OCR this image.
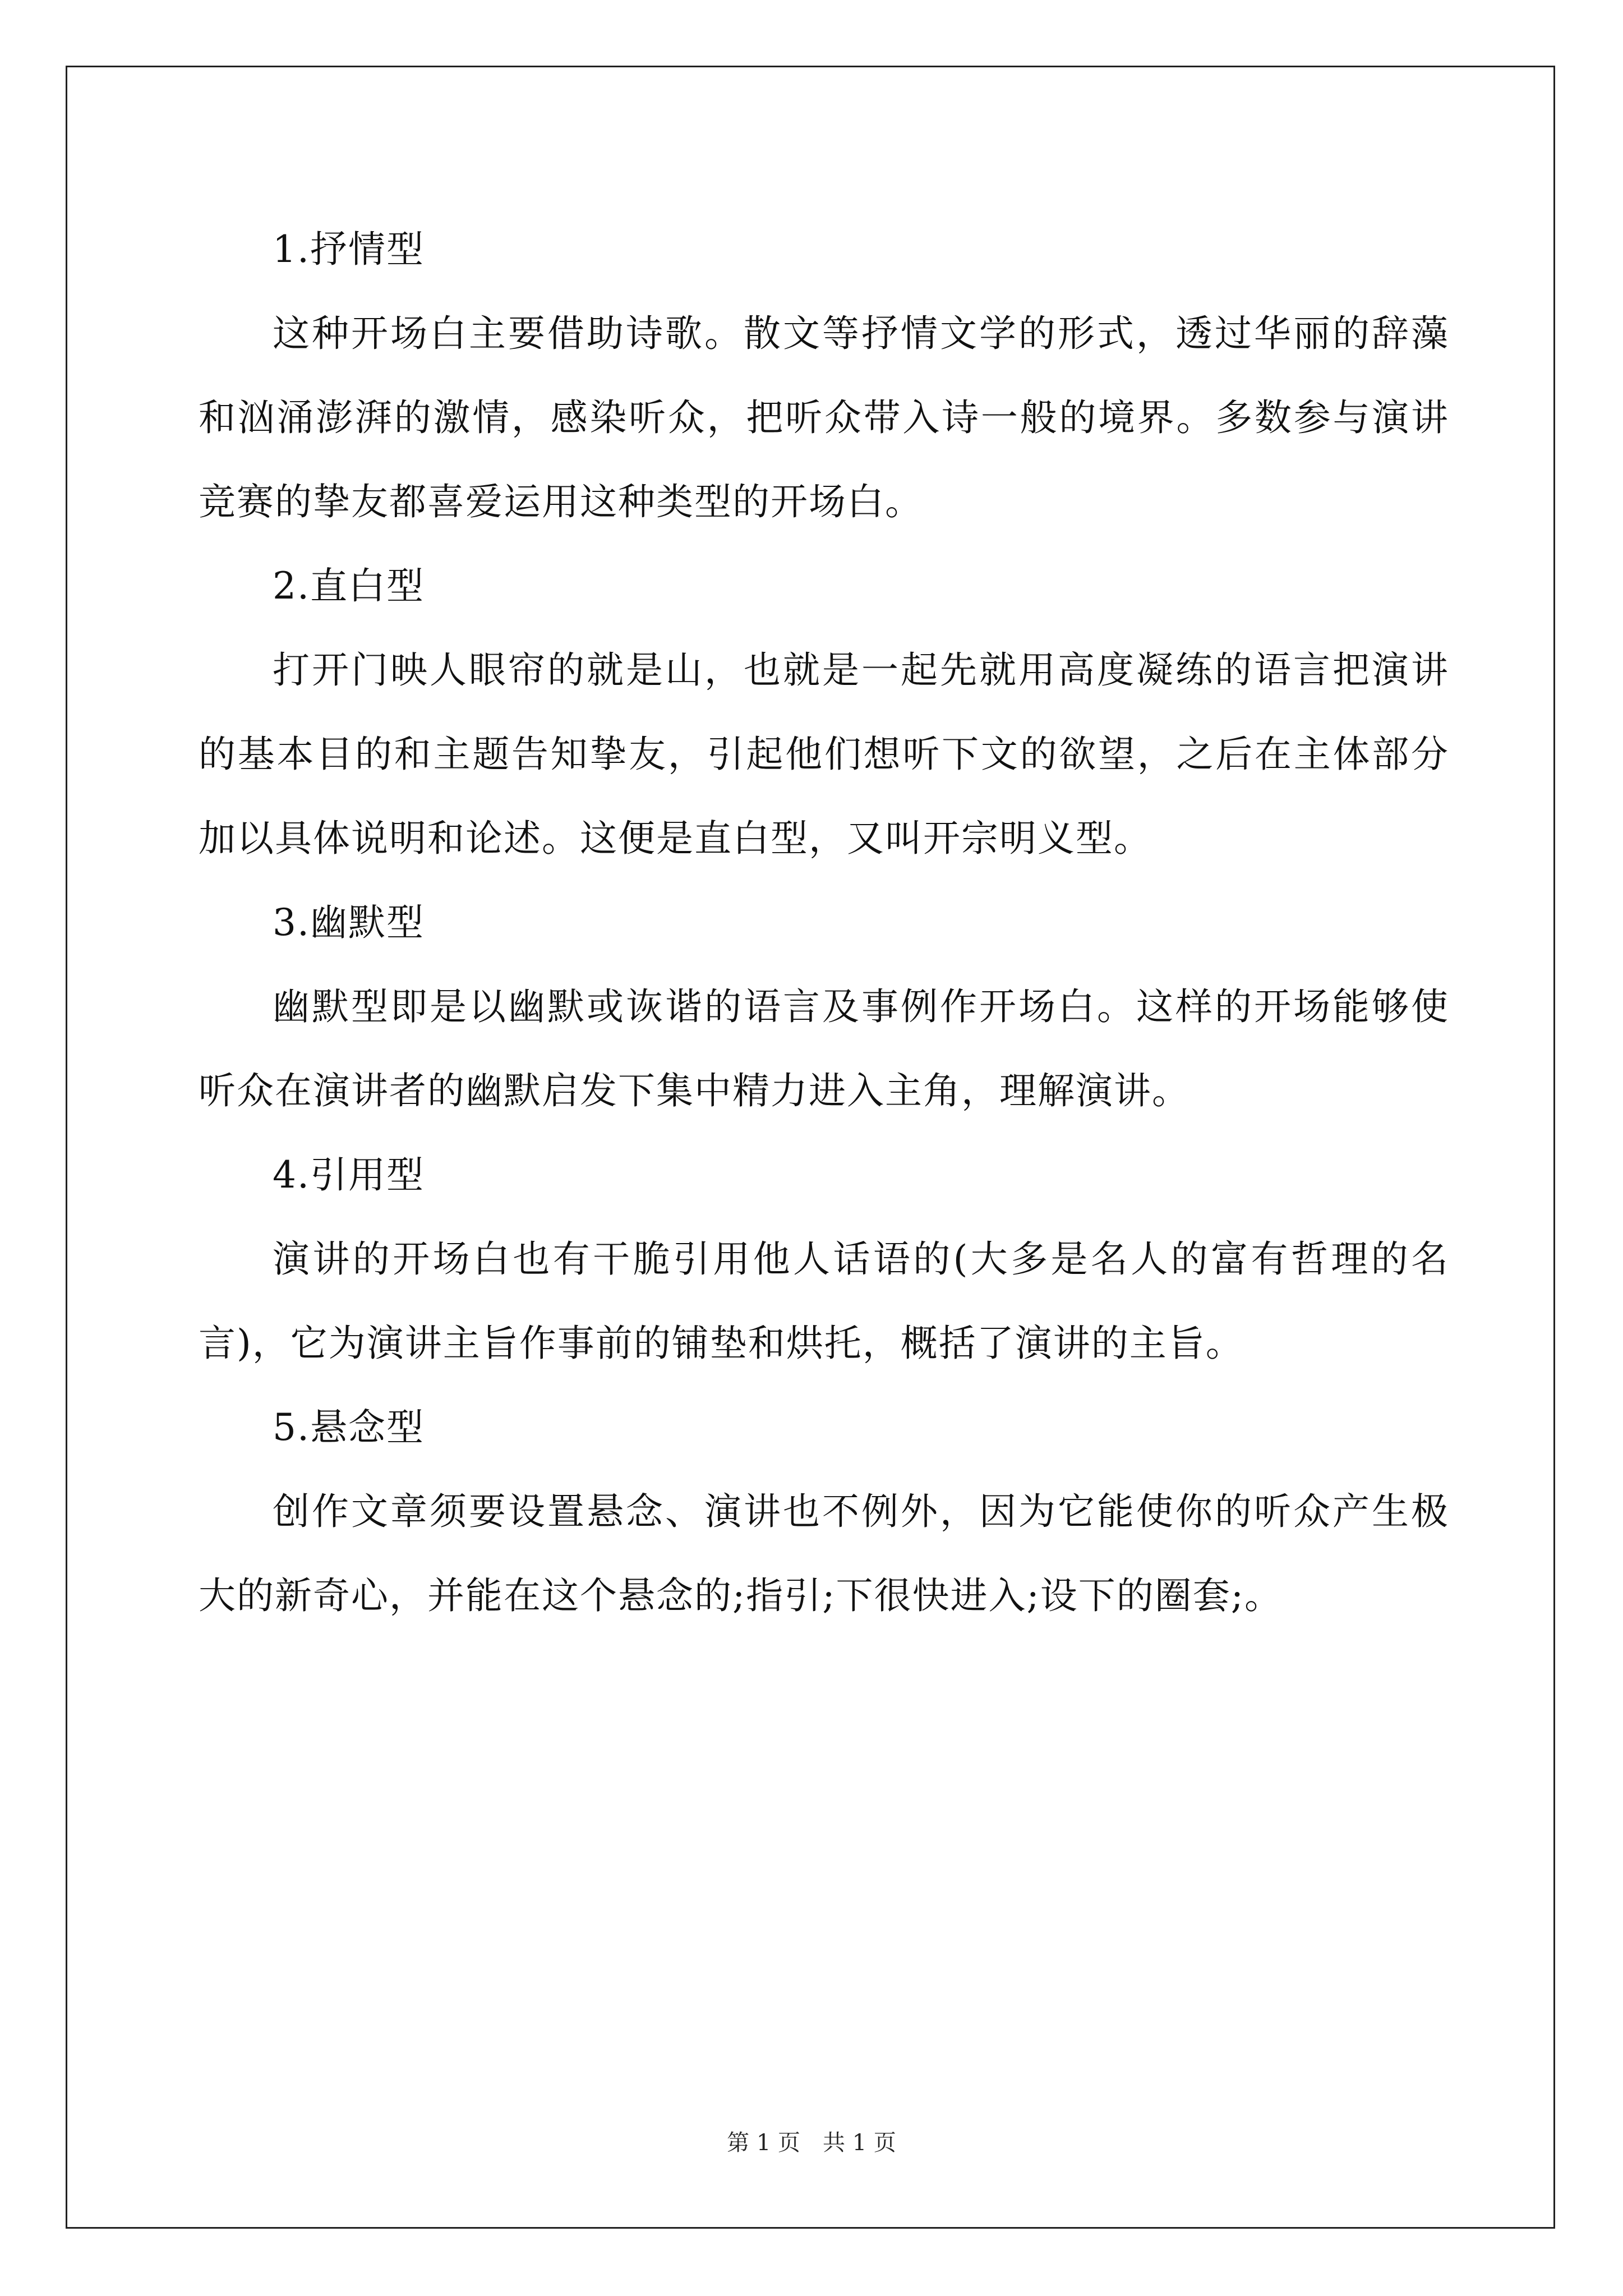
1.抒情型

这种开场白主要借助诗歌。散文等抒情文学的形式，透过华丽的辞藻和汹涌澎湃的激情，感染听众，把听众带入诗一般的境界。多数参与演讲竞赛的挚友都喜爱运用这种类型的开场白。

2.直白型

打开门映人眼帘的就是山，也就是一起先就用高度凝练的语言把演讲的基本目的和主题告知挚友，引起他们想听下文的欲望，之后在主体部分加以具体说明和论述。这便是直白型，又叫开宗明义型。

3.幽默型

幽默型即是以幽默或诙谐的语言及事例作开场白。这样的开场能够使听众在演讲者的幽默启发下集中精力进入主角，理解演讲。

4.引用型

演讲的开场白也有干脆引用他人话语的(大多是名人的富有哲理的名言)，它为演讲主旨作事前的铺垫和烘托，概括了演讲的主旨。

5.悬念型

创作文章须要设置悬念、演讲也不例外，因为它能使你的听众产生极大的新奇心，并能在这个悬念的;指引;下很快进入;设下的圈套;。

第 1 页　共 1 页
